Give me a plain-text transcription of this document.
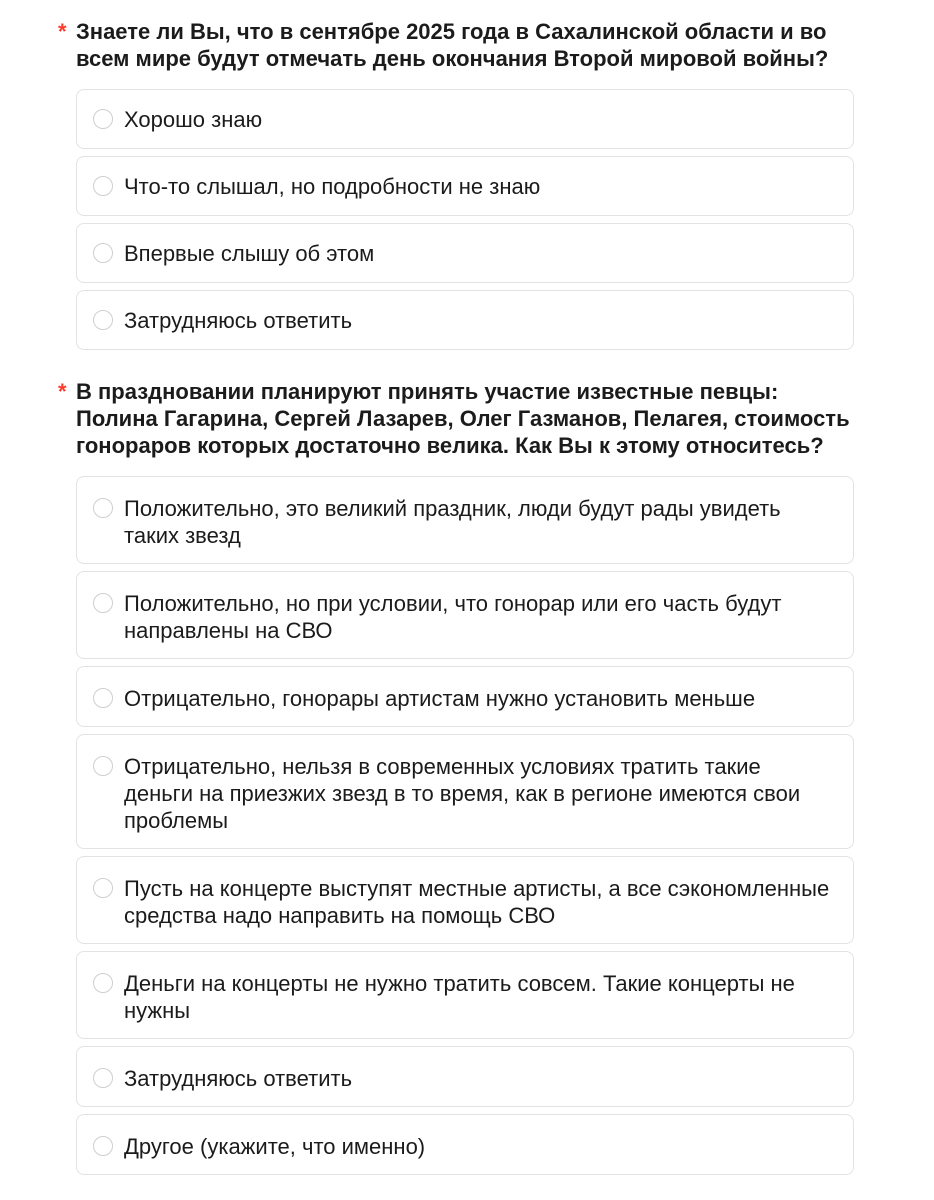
* Знаете ли Вы, что в сентябре 2025 года в Сахалинской области и во всем мире будут отмечать день окончания Второй мировой войны?

Хорошо знаю
Что-то слышал, но подробности не знаю
Впервые слышу об этом
Затрудняюсь ответить

* В праздновании планируют принять участие известные певцы: Полина Гагарина, Сергей Лазарев, Олег Газманов, Пелагея, стоимость гонораров которых достаточно велика. Как Вы к этому относитесь?

Положительно, это великий праздник, люди будут рады увидеть таких звезд
Положительно, но при условии, что гонорар или его часть будут направлены на СВО
Отрицательно, гонорары артистам нужно установить меньше
Отрицательно, нельзя в современных условиях тратить такие деньги на приезжих звезд в то время, как в регионе имеются свои проблемы
Пусть на концерте выступят местные артисты, а все сэкономленные средства надо направить на помощь СВО
Деньги на концерты не нужно тратить совсем. Такие концерты не нужны
Затрудняюсь ответить
Другое (укажите, что именно)
